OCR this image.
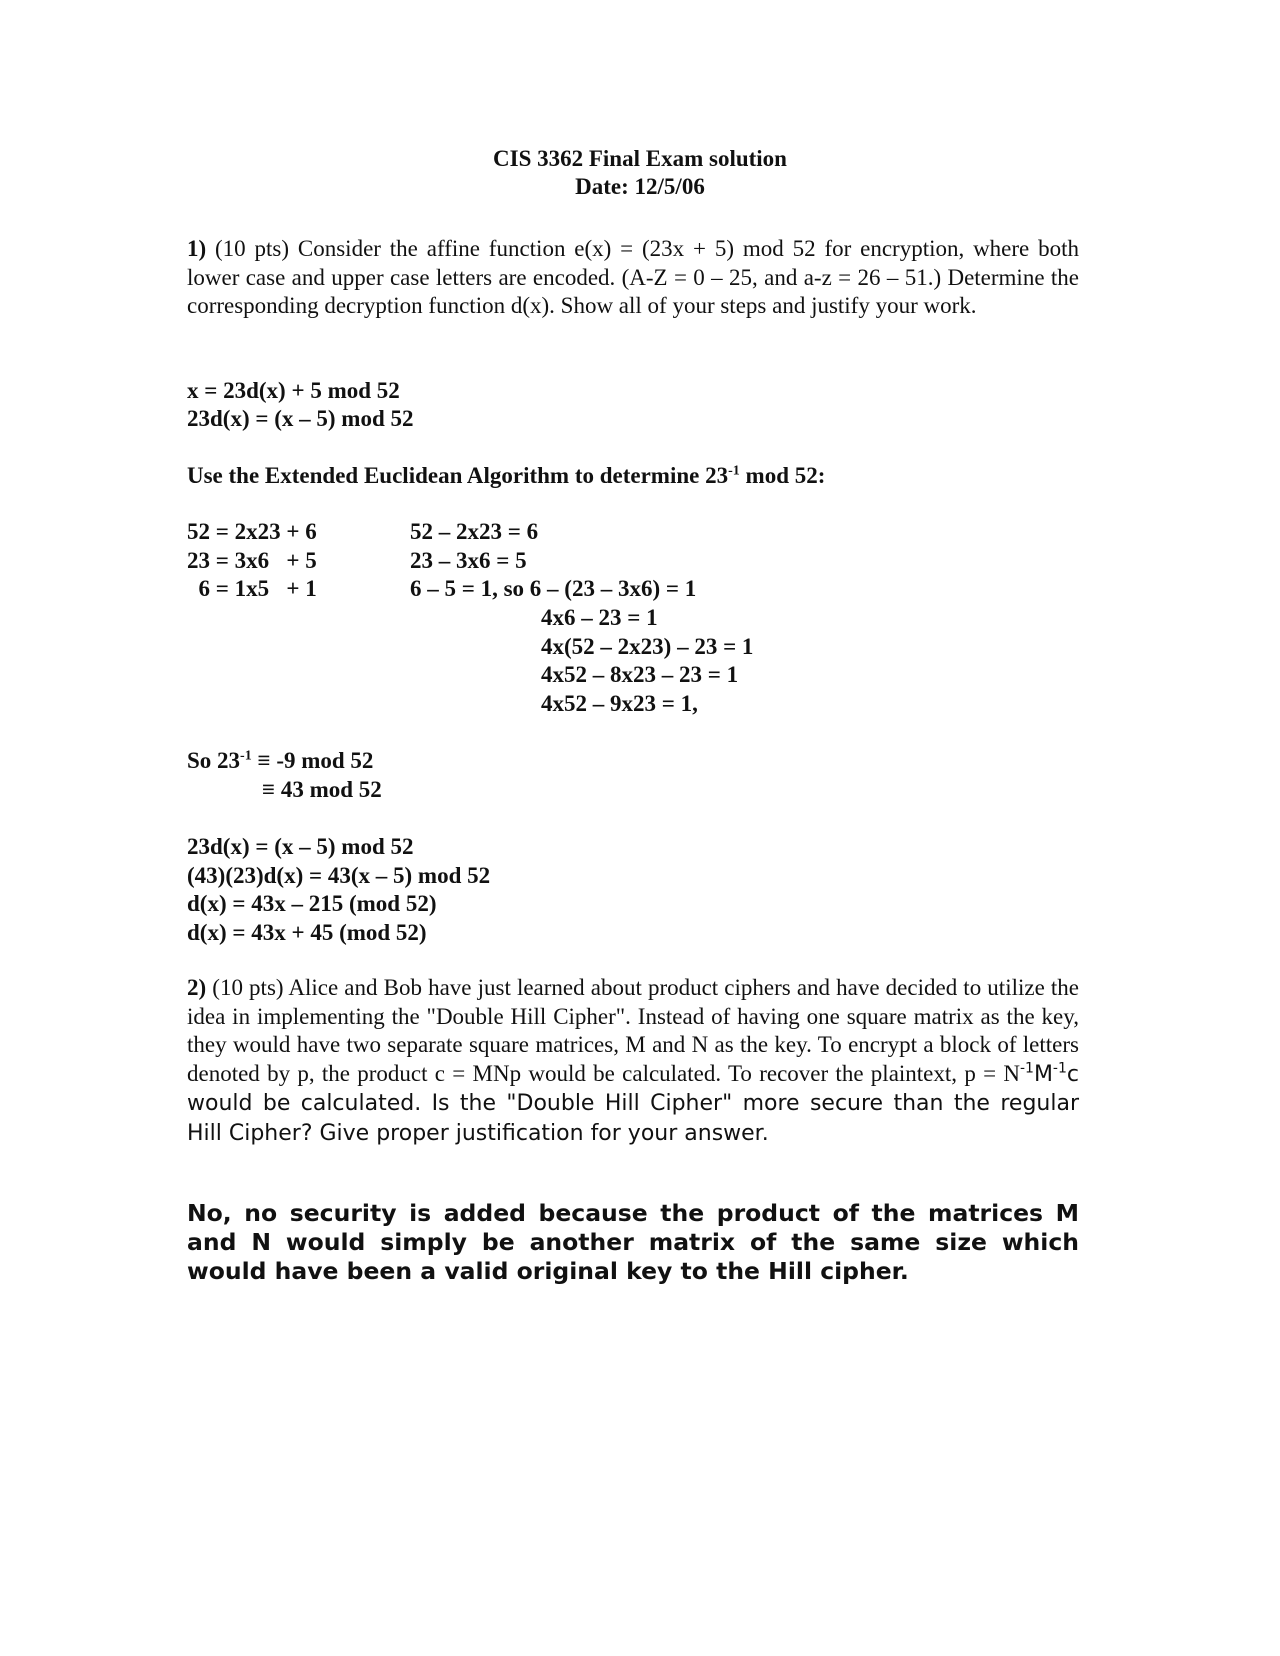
CIS 3362 Final Exam solution
Date: 12/5/06
1) (10 pts) Consider the affine function e(x) = (23x + 5) mod 52 for encryption, where both lower case and upper case letters are encoded. (A-Z = 0 – 25, and a-z = 26 – 51.) Determine the corresponding decryption function d(x). Show all of your steps and justify your work.
x = 23d(x) + 5 mod 52
23d(x) = (x – 5) mod 52
Use the Extended Euclidean Algorithm to determine $23^{-1}$ mod 52:
52 = 2x23 + 6
23 = 3x6   + 5
6 = 1x5   + 1
52 – 2x23 = 6
23 – 3x6 = 5
6 – 5 = 1, so 6 – (23 – 3x6) = 1
4x6 – 23 = 1
4x(52 – 2x23) – 23 = 1
4x52 – 8x23 – 23 = 1
4x52 – 9x23 = 1,
So $23^{-1} \equiv -9$ mod 52
≡ 43 mod 52
23d(x) = (x – 5) mod 52
(43)(23)d(x) = 43(x – 5) mod 52
d(x) = 43x – 215 (mod 52)
d(x) = 43x + 45 (mod 52)
2) (10 pts) Alice and Bob have just learned about product ciphers and have decided to utilize the idea in implementing the "Double Hill Cipher". Instead of having one square matrix as the key, they would have two separate square matrices, M and N as the key. To encrypt a block of letters denoted by p, the product c = MNp would be calculated. To recover the plaintext, $p = N^{-1}M^{-1}c$ would be calculated. Is the "Double Hill Cipher" more secure than the regular Hill Cipher? Give proper justification for your answer.
No, no security is added because the product of the matrices M and N would simply be another matrix of the same size which would have been a valid original key to the Hill cipher.
